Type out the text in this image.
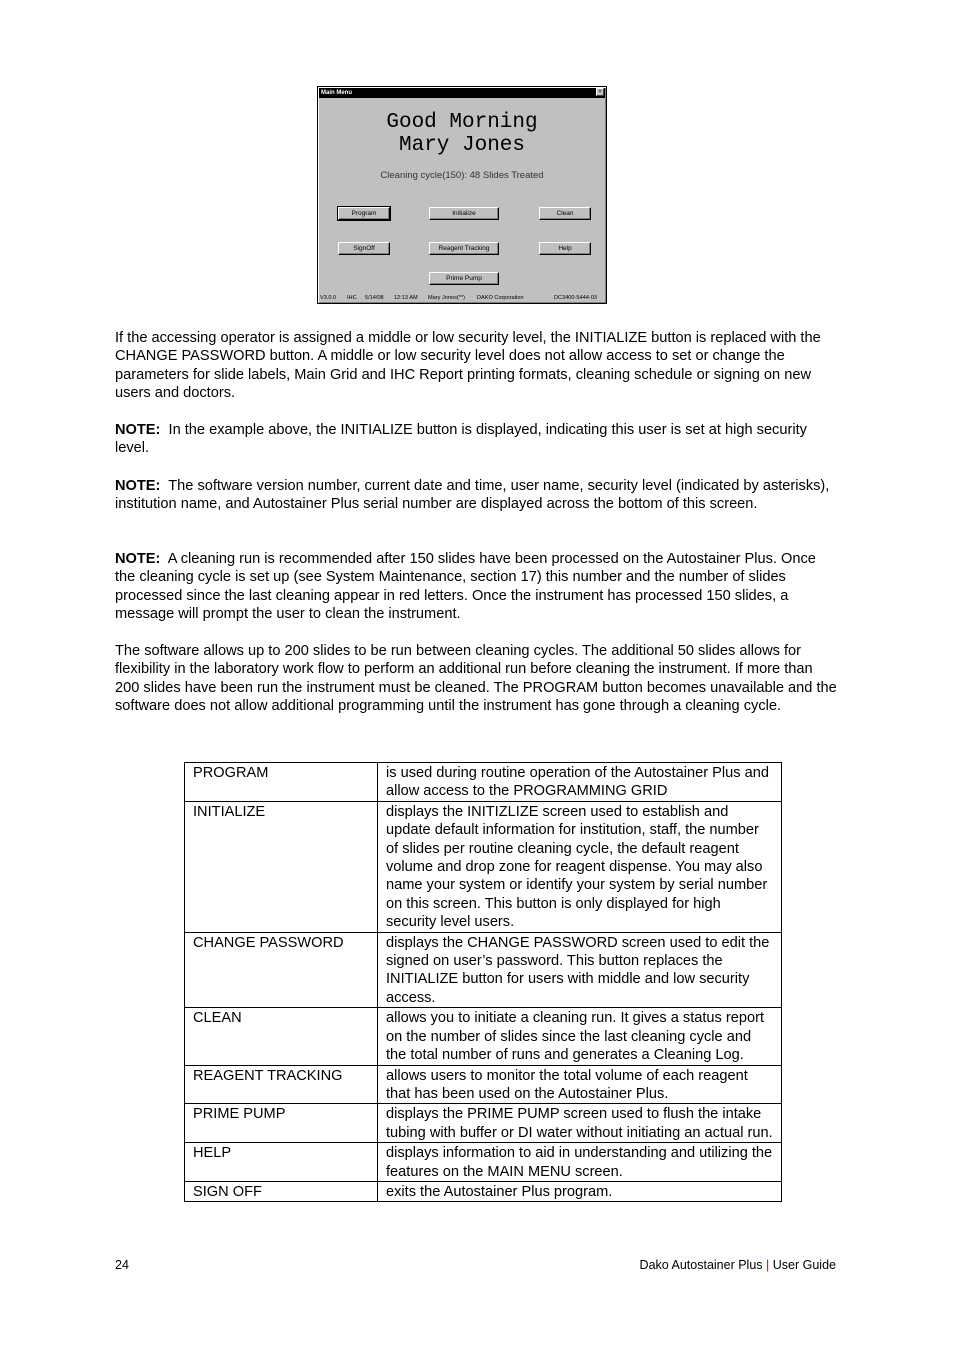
Main Menu	×
Good Morning
Mary Jones
Cleaning cycle(150): 48 Slides Treated
Program	Initialize	Clean
SignOff	Reagent Tracking	Help
Prime Pump
V3.0.0 IHC 5/14/08 12:13 AM Mary Jones(**) DAKO Corporation	DC3400-5444-03
If the accessing operator is assigned a middle or low security level, the INITIALIZE button is replaced with the CHANGE PASSWORD button. A middle or low security level does not allow access to set or change the parameters for slide labels, Main Grid and IHC Report printing formats, cleaning schedule or signing on new users and doctors.
NOTE: In the example above, the INITIALIZE button is displayed, indicating this user is set at high security level.
NOTE: The software version number, current date and time, user name, security level (indicated by asterisks), institution name, and Autostainer Plus serial number are displayed across the bottom of this screen.
NOTE: A cleaning run is recommended after 150 slides have been processed on the Autostainer Plus. Once the cleaning cycle is set up (see System Maintenance, section 17) this number and the number of slides processed since the last cleaning appear in red letters. Once the instrument has processed 150 slides, a message will prompt the user to clean the instrument.
The software allows up to 200 slides to be run between cleaning cycles. The additional 50 slides allows for flexibility in the laboratory work flow to perform an additional run before cleaning the instrument. If more than 200 slides have been run the instrument must be cleaned. The PROGRAM button becomes unavailable and the software does not allow additional programming until the instrument has gone through a cleaning cycle.
PROGRAM	is used during routine operation of the Autostainer Plus and allow access to the PROGRAMMING GRID
INITIALIZE	displays the INITIZLIZE screen used to establish and update default information for institution, staff, the number of slides per routine cleaning cycle, the default reagent volume and drop zone for reagent dispense. You may also name your system or identify your system by serial number on this screen. This button is only displayed for high security level users.
CHANGE PASSWORD	displays the CHANGE PASSWORD screen used to edit the signed on user’s password. This button replaces the INITIALIZE button for users with middle and low security access.
CLEAN	allows you to initiate a cleaning run. It gives a status report on the number of slides since the last cleaning cycle and the total number of runs and generates a Cleaning Log.
REAGENT TRACKING	allows users to monitor the total volume of each reagent that has been used on the Autostainer Plus.
PRIME PUMP	displays the PRIME PUMP screen used to flush the intake tubing with buffer or DI water without initiating an actual run.
HELP	displays information to aid in understanding and utilizing the features on the MAIN MENU screen.
SIGN OFF	exits the Autostainer Plus program.
24	Dako Autostainer Plus | User Guide
